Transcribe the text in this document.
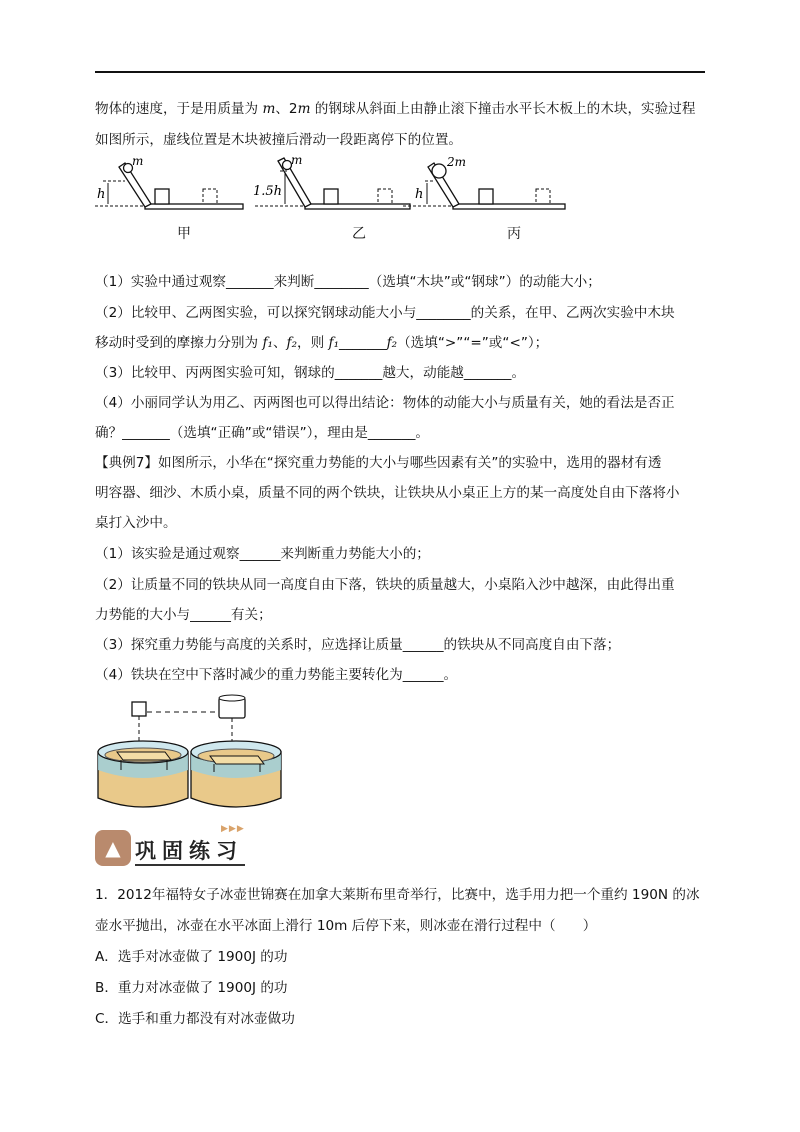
物体的速度，于是用质量为 m、2m 的钢球从斜面上由静止滚下撞击水平长木板上的木块，实验过程
如图所示，虚线位置是木块被撞后滑动一段距离停下的位置。
m
h
m
1.5h
2m
h
甲	乙	丙
（1）实验中通过观察_______来判断________（选填“木块”或“钢球”）的动能大小；
（2）比较甲、乙两图实验，可以探究钢球动能大小与________的关系，在甲、乙两次实验中木块
移动时受到的摩擦力分别为 f₁、f₂，则 f₁_______f₂（选填“>”“=”或“<”）；
（3）比较甲、丙两图实验可知，钢球的_______越大，动能越_______。
（4）小丽同学认为用乙、丙两图也可以得出结论：物体的动能大小与质量有关，她的看法是否正
确？_______（选填“正确”或“错误”），理由是_______。
【典例7】如图所示，小华在“探究重力势能的大小与哪些因素有关”的实验中，选用的器材有透
明容器、细沙、木质小桌，质量不同的两个铁块，让铁块从小桌正上方的某一高度处自由下落将小
桌打入沙中。
（1）该实验是通过观察______来判断重力势能大小的；
（2）让质量不同的铁块从同一高度自由下落，铁块的质量越大，小桌陷入沙中越深，由此得出重
力势能的大小与______有关；
（3）探究重力势能与高度的关系时，应选择让质量______的铁块从不同高度自由下落；
（4）铁块在空中下落时减少的重力势能主要转化为______。
▲ 巩固练习
▶▶▶
1．2012年福特女子冰壶世锦赛在加拿大莱斯布里奇举行，比赛中，选手用力把一个重约 190N 的冰
壶水平抛出，冰壶在水平冰面上滑行 10m 后停下来，则冰壶在滑行过程中（　　）
A．选手对冰壶做了 1900J 的功
B．重力对冰壶做了 1900J 的功
C．选手和重力都没有对冰壶做功
